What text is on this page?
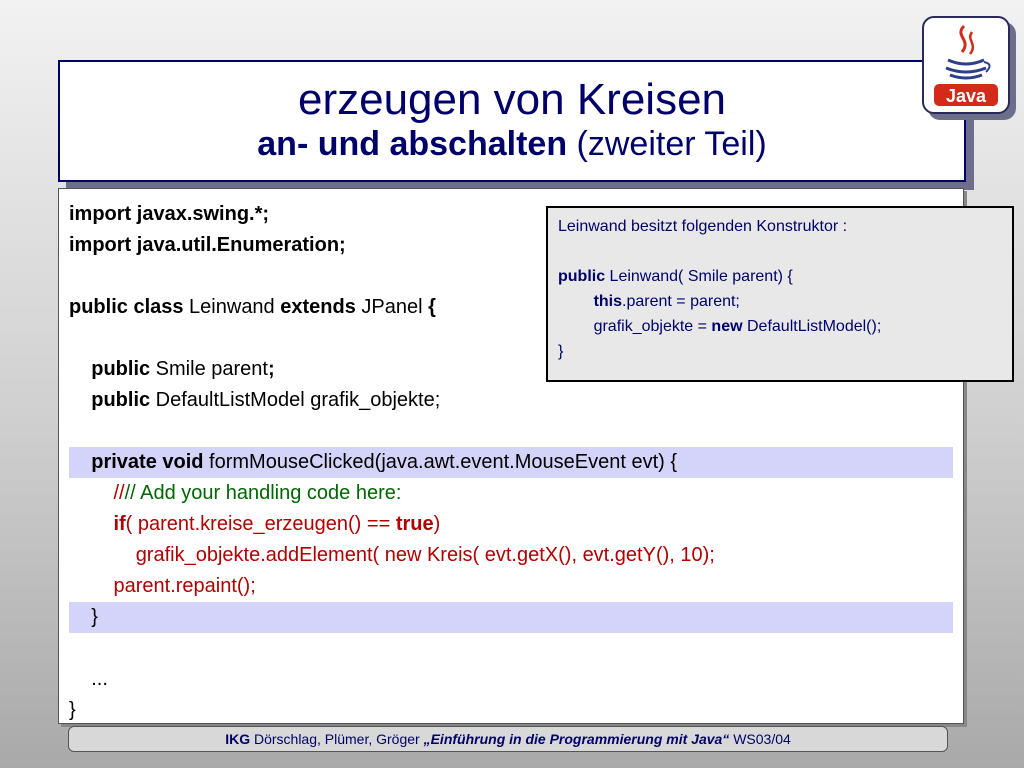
erzeugen von Kreisen
an- und abschalten (zweiter Teil)
Java
import javax.swing.*;
import java.util.Enumeration;
public class Leinwand extends JPanel {
public Smile parent;
public DefaultListModel grafik_objekte;
private void formMouseClicked(java.awt.event.MouseEvent evt) {
//// Add your handling code here:
if( parent.kreise_erzeugen() == true)
grafik_objekte.addElement( new Kreis( evt.getX(), evt.getY(), 10);
parent.repaint();
}
...
}
Leinwand besitzt folgenden Konstruktor :
public Leinwand( Smile parent) {
this.parent = parent;
grafik_objekte = new DefaultListModel();
}
IKG Dörschlag, Plümer, Gröger „Einführung in die Programmierung mit Java“ WS03/04
